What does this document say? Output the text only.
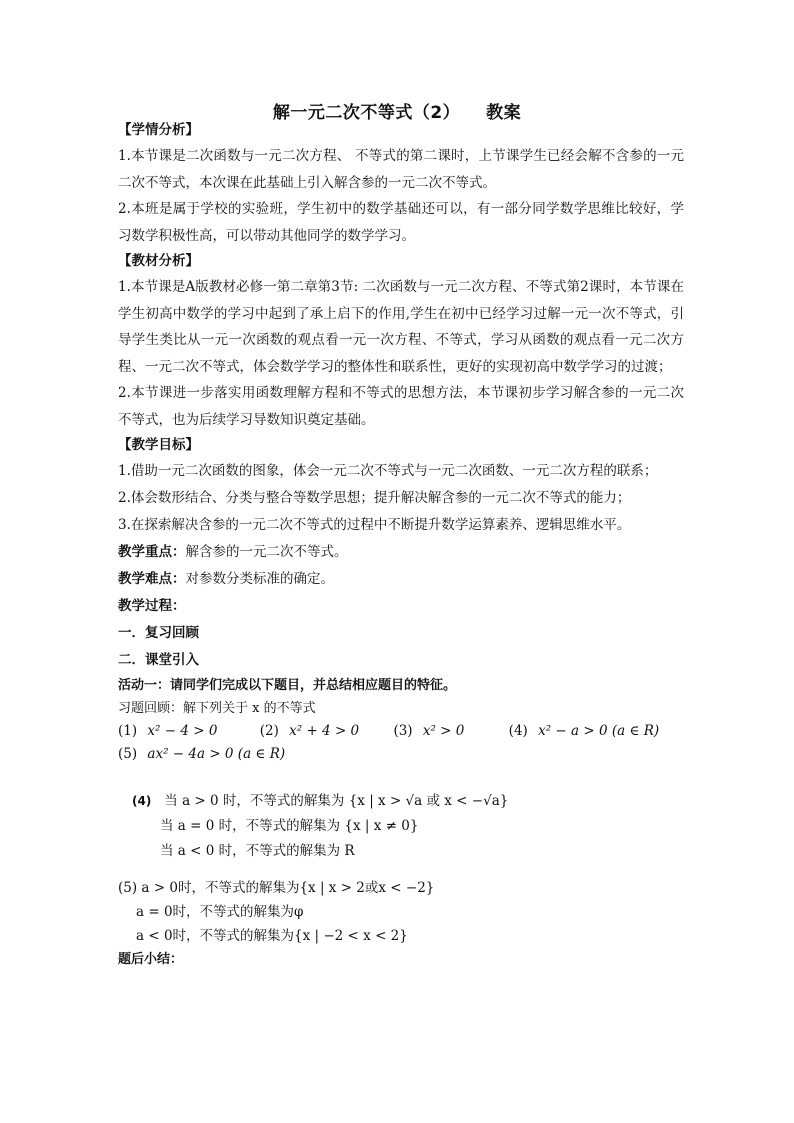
解一元二次不等式（2） 教案
【学情分析】
1.本节课是二次函数与一元二次方程、 不等式的第二课时，上节课学生已经会解不含参的一元二次不等式，本次课在此基础上引入解含参的一元二次不等式。
2.本班是属于学校的实验班，学生初中的数学基础还可以，有一部分同学数学思维比较好，学习数学积极性高，可以带动其他同学的数学学习。
【教材分析】
1.本节课是A版教材必修一第二章第3节: 二次函数与一元二次方程、不等式第2课时，本节课在学生初高中数学的学习中起到了承上启下的作用,学生在初中已经学习过解一元一次不等式，引导学生类比从一元一次函数的观点看一元一次方程、不等式，学习从函数的观点看一元二次方程、一元二次不等式，体会数学学习的整体性和联系性，更好的实现初高中数学学习的过渡；
2.本节课进一步落实用函数理解方程和不等式的思想方法，本节课初步学习解含参的一元二次不等式，也为后续学习导数知识奠定基础。
【教学目标】
1.借助一元二次函数的图象，体会一元二次不等式与一元二次函数、一元二次方程的联系；
2.体会数形结合、分类与整合等数学思想；提升解决解含参的一元二次不等式的能力；
3.在探索解决含参的一元二次不等式的过程中不断提升数学运算素养、逻辑思维水平。
教学重点：解含参的一元二次不等式。
教学难点：对参数分类标准的确定。
教学过程：
一．复习回顾
二．课堂引入
活动一：请同学们完成以下题目，并总结相应题目的特征。
习题回顾：解下列关于 x 的不等式
(1) x² − 4 > 0	(2) x² + 4 > 0	(3) x² > 0	(4) x² − a > 0 (a ∈ R)
(5) ax² − 4a > 0 (a ∈ R)
(4) 当 a > 0 时，不等式的解集为 {x | x > √a 或 x < −√a}
当 a = 0 时，不等式的解集为 {x | x ≠ 0}
当 a < 0 时，不等式的解集为 R
(5) a > 0时，不等式的解集为{x | x > 2或x < −2}
a = 0时，不等式的解集为φ
a < 0时，不等式的解集为{x | −2 < x < 2}
题后小结：
